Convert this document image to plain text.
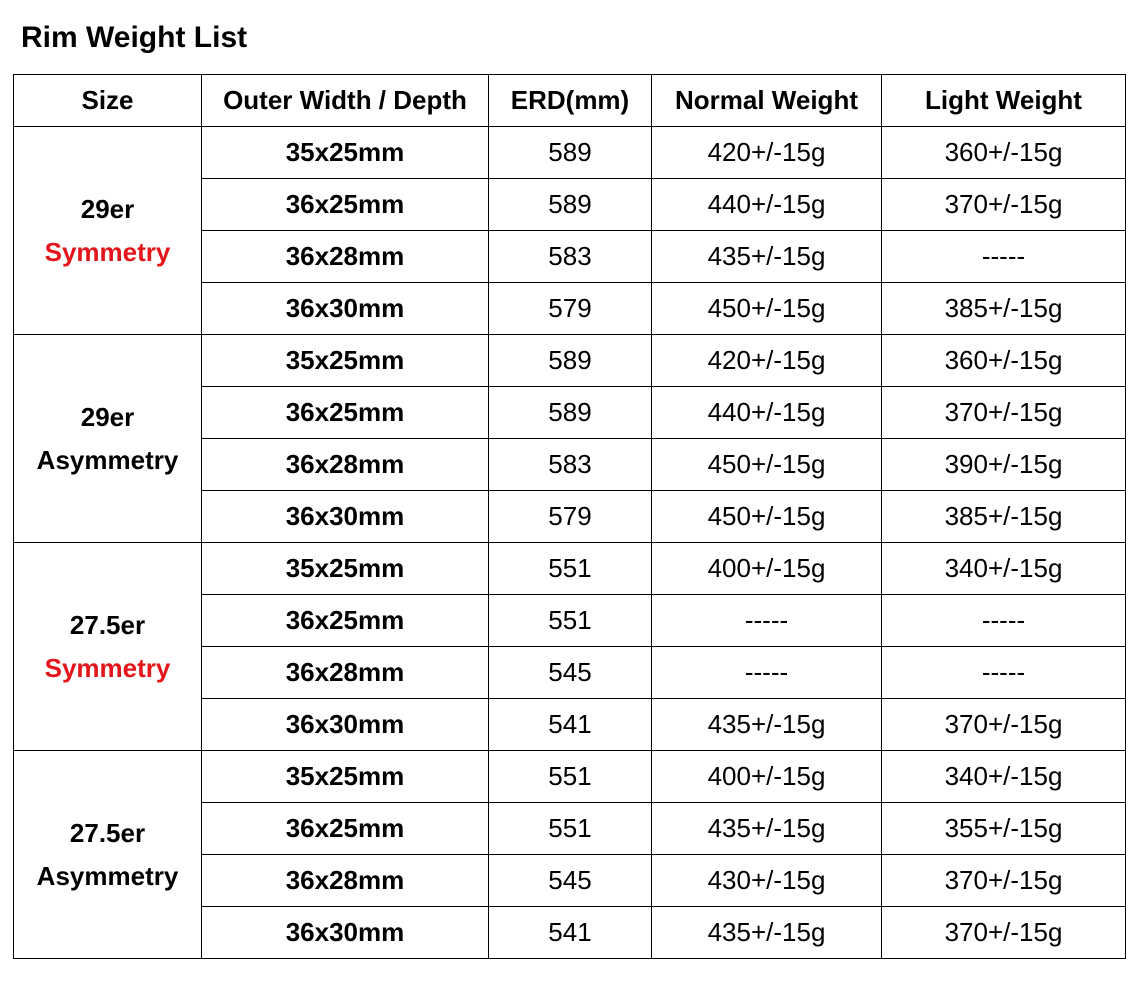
Rim Weight List
Size	Outer Width / Depth	ERD(mm)	Normal Weight	Light Weight

29er
Symmetry	35x25mm	589	420+/-15g	360+/-15g
	36x25mm	589	440+/-15g	370+/-15g
	36x28mm	583	435+/-15g	-----
	36x30mm	579	450+/-15g	385+/-15g

29er
Asymmetry	35x25mm	589	420+/-15g	360+/-15g
	36x25mm	589	440+/-15g	370+/-15g
	36x28mm	583	450+/-15g	390+/-15g
	36x30mm	579	450+/-15g	385+/-15g

27.5er
Symmetry	35x25mm	551	400+/-15g	340+/-15g
	36x25mm	551	-----	-----
	36x28mm	545	-----	-----
	36x30mm	541	435+/-15g	370+/-15g

27.5er
Asymmetry	35x25mm	551	400+/-15g	340+/-15g
	36x25mm	551	435+/-15g	355+/-15g
	36x28mm	545	430+/-15g	370+/-15g
	36x30mm	541	435+/-15g	370+/-15g
